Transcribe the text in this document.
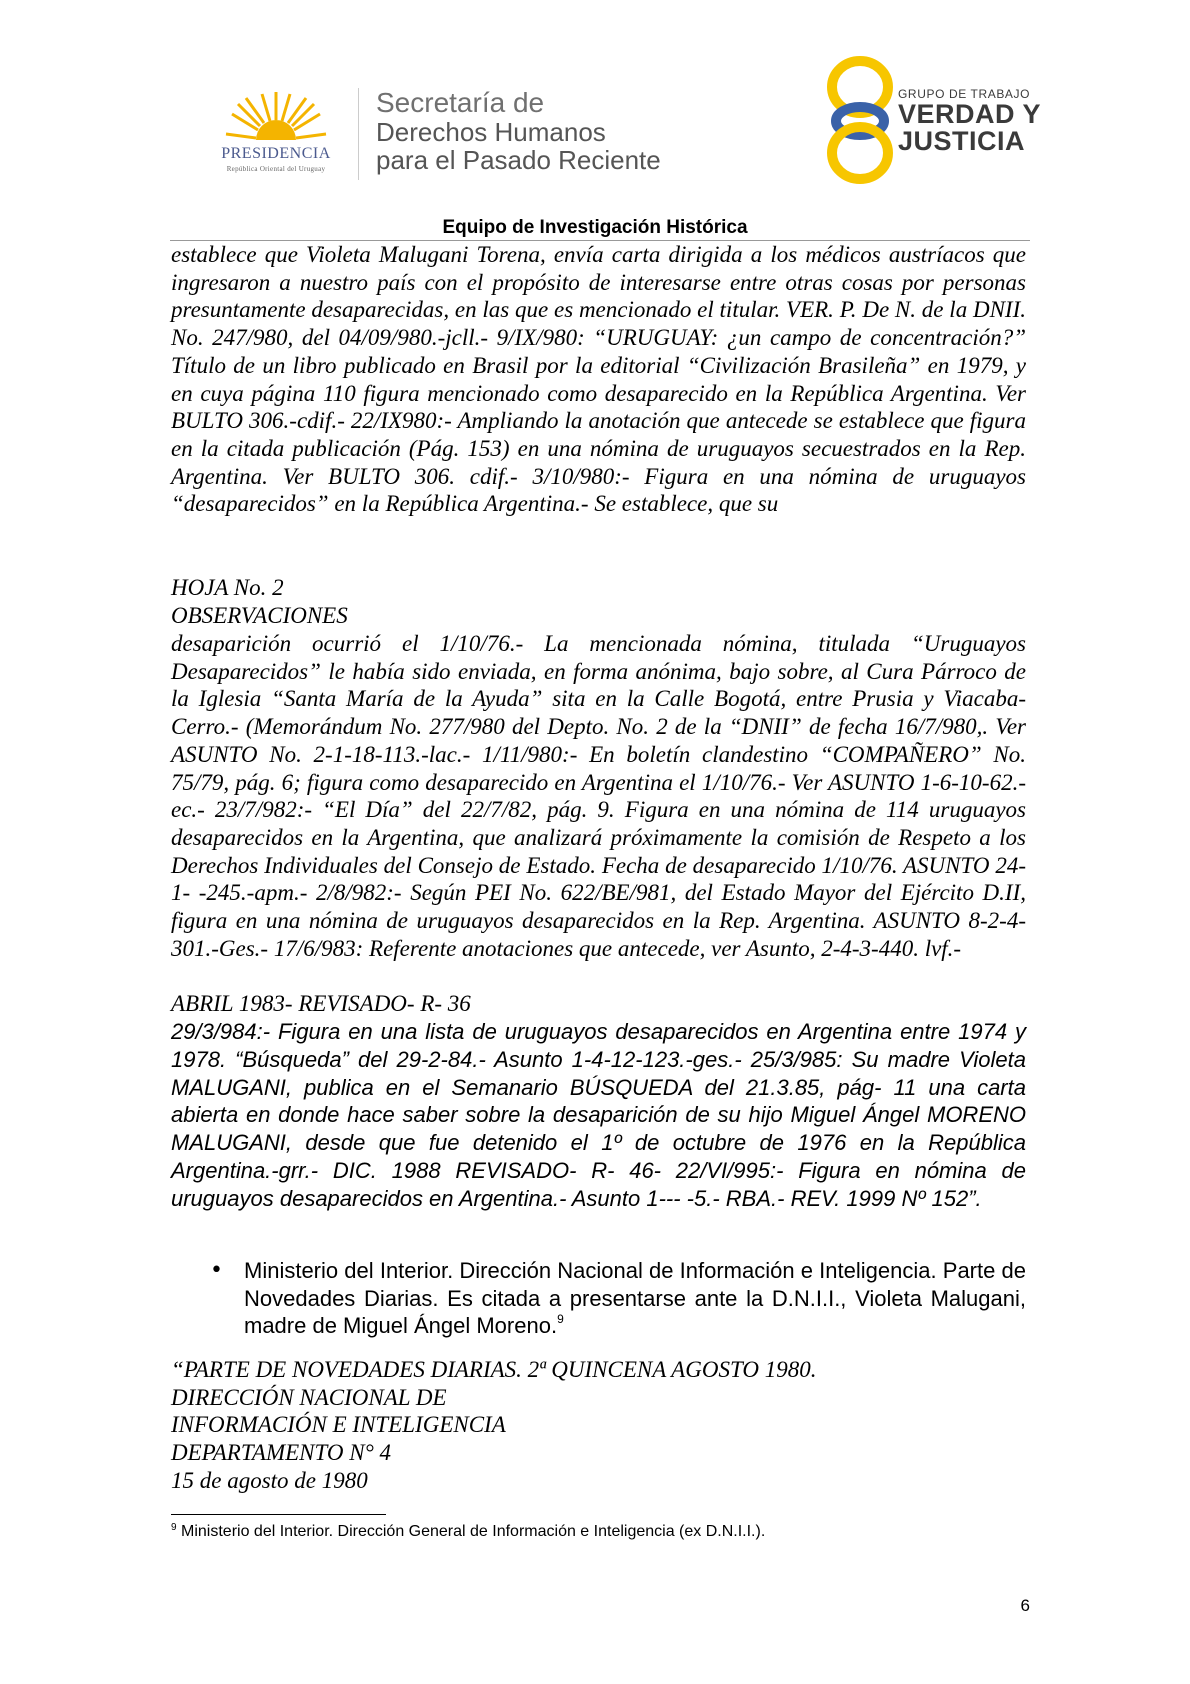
PRESIDENCIA
República Oriental del Uruguay
Secretaría de
Derechos Humanos
para el Pasado Reciente
GRUPO DE TRABAJO
VERDAD Y
JUSTICIA
Equipo de Investigación Histórica

establece que Violeta Malugani Torena, envía carta dirigida a los médicos austríacos que ingresaron a nuestro país con el propósito de interesarse entre otras cosas por personas presuntamente desaparecidas, en las que es mencionado el titular. VER. P. De N. de la DNII. No. 247/980, del 04/09/980.-jcll.- 9/IX/980: “URUGUAY: ¿un campo de concentración?” Título de un libro publicado en Brasil por la editorial “Civilización Brasileña” en 1979, y en cuya página 110 figura mencionado como desaparecido en la República Argentina. Ver BULTO 306.-cdif.- 22/IX980:- Ampliando la anotación que antecede se establece que figura en la citada publicación (Pág. 153) en una nómina de uruguayos secuestrados en la Rep. Argentina. Ver BULTO 306. cdif.- 3/10/980:- Figura en una nómina de uruguayos “desaparecidos” en la República Argentina.- Se establece, que su

HOJA No. 2

OBSERVACIONES

desaparición ocurrió el 1/10/76.- La mencionada nómina, titulada “Uruguayos Desaparecidos” le había sido enviada, en forma anónima, bajo sobre, al Cura Párroco de la Iglesia “Santa María de la Ayuda” sita en la Calle Bogotá, entre Prusia y Viacaba- Cerro.- (Memorándum No. 277/980 del Depto. No. 2 de la “DNII” de fecha 16/7/980,. Ver ASUNTO No. 2-1-18-113.-lac.- 1/11/980:- En boletín clandestino “COMPAÑERO” No. 75/79, pág. 6; figura como desaparecido en Argentina el 1/10/76.- Ver ASUNTO 1-6-10-62.-ec.- 23/7/982:- “El Día” del 22/7/82, pág. 9. Figura en una nómina de 114 uruguayos desaparecidos en la Argentina, que analizará próximamente la comisión de Respeto a los Derechos Individuales del Consejo de Estado. Fecha de desaparecido 1/10/76. ASUNTO 24-1- -245.-apm.- 2/8/982:- Según PEI No. 622/BE/981, del Estado Mayor del Ejército D.II, figura en una nómina de uruguayos desaparecidos en la Rep. Argentina. ASUNTO 8-2-4-301.-Ges.- 17/6/983: Referente anotaciones que antecede, ver Asunto, 2-4-3-440. lvf.-

ABRIL 1983- REVISADO- R- 36

29/3/984:- Figura en una lista de uruguayos desaparecidos en Argentina entre 1974 y 1978. “Búsqueda” del 29-2-84.- Asunto 1-4-12-123.-ges.- 25/3/985: Su madre Violeta MALUGANI, publica en el Semanario BÚSQUEDA del 21.3.85, pág- 11 una carta abierta en donde hace saber sobre la desaparición de su hijo Miguel Ángel MORENO MALUGANI, desde que fue detenido el 1º de octubre de 1976 en la República Argentina.-grr.- DIC. 1988 REVISADO- R- 46- 22/VI/995:- Figura en nómina de uruguayos desaparecidos en Argentina.- Asunto 1--- -5.- RBA.- REV. 1999 Nº 152”.

• Ministerio del Interior. Dirección Nacional de Información e Inteligencia. Parte de Novedades Diarias. Es citada a presentarse ante la D.N.I.I., Violeta Malugani, madre de Miguel Ángel Moreno.$^9$

“PARTE DE NOVEDADES DIARIAS. 2ª QUINCENA AGOSTO 1980.

DIRECCIÓN NACIONAL DE

INFORMACIÓN E INTELIGENCIA

DEPARTAMENTO N° 4

15 de agosto de 1980

$^9$ Ministerio del Interior. Dirección General de Información e Inteligencia (ex D.N.I.I.).
6
